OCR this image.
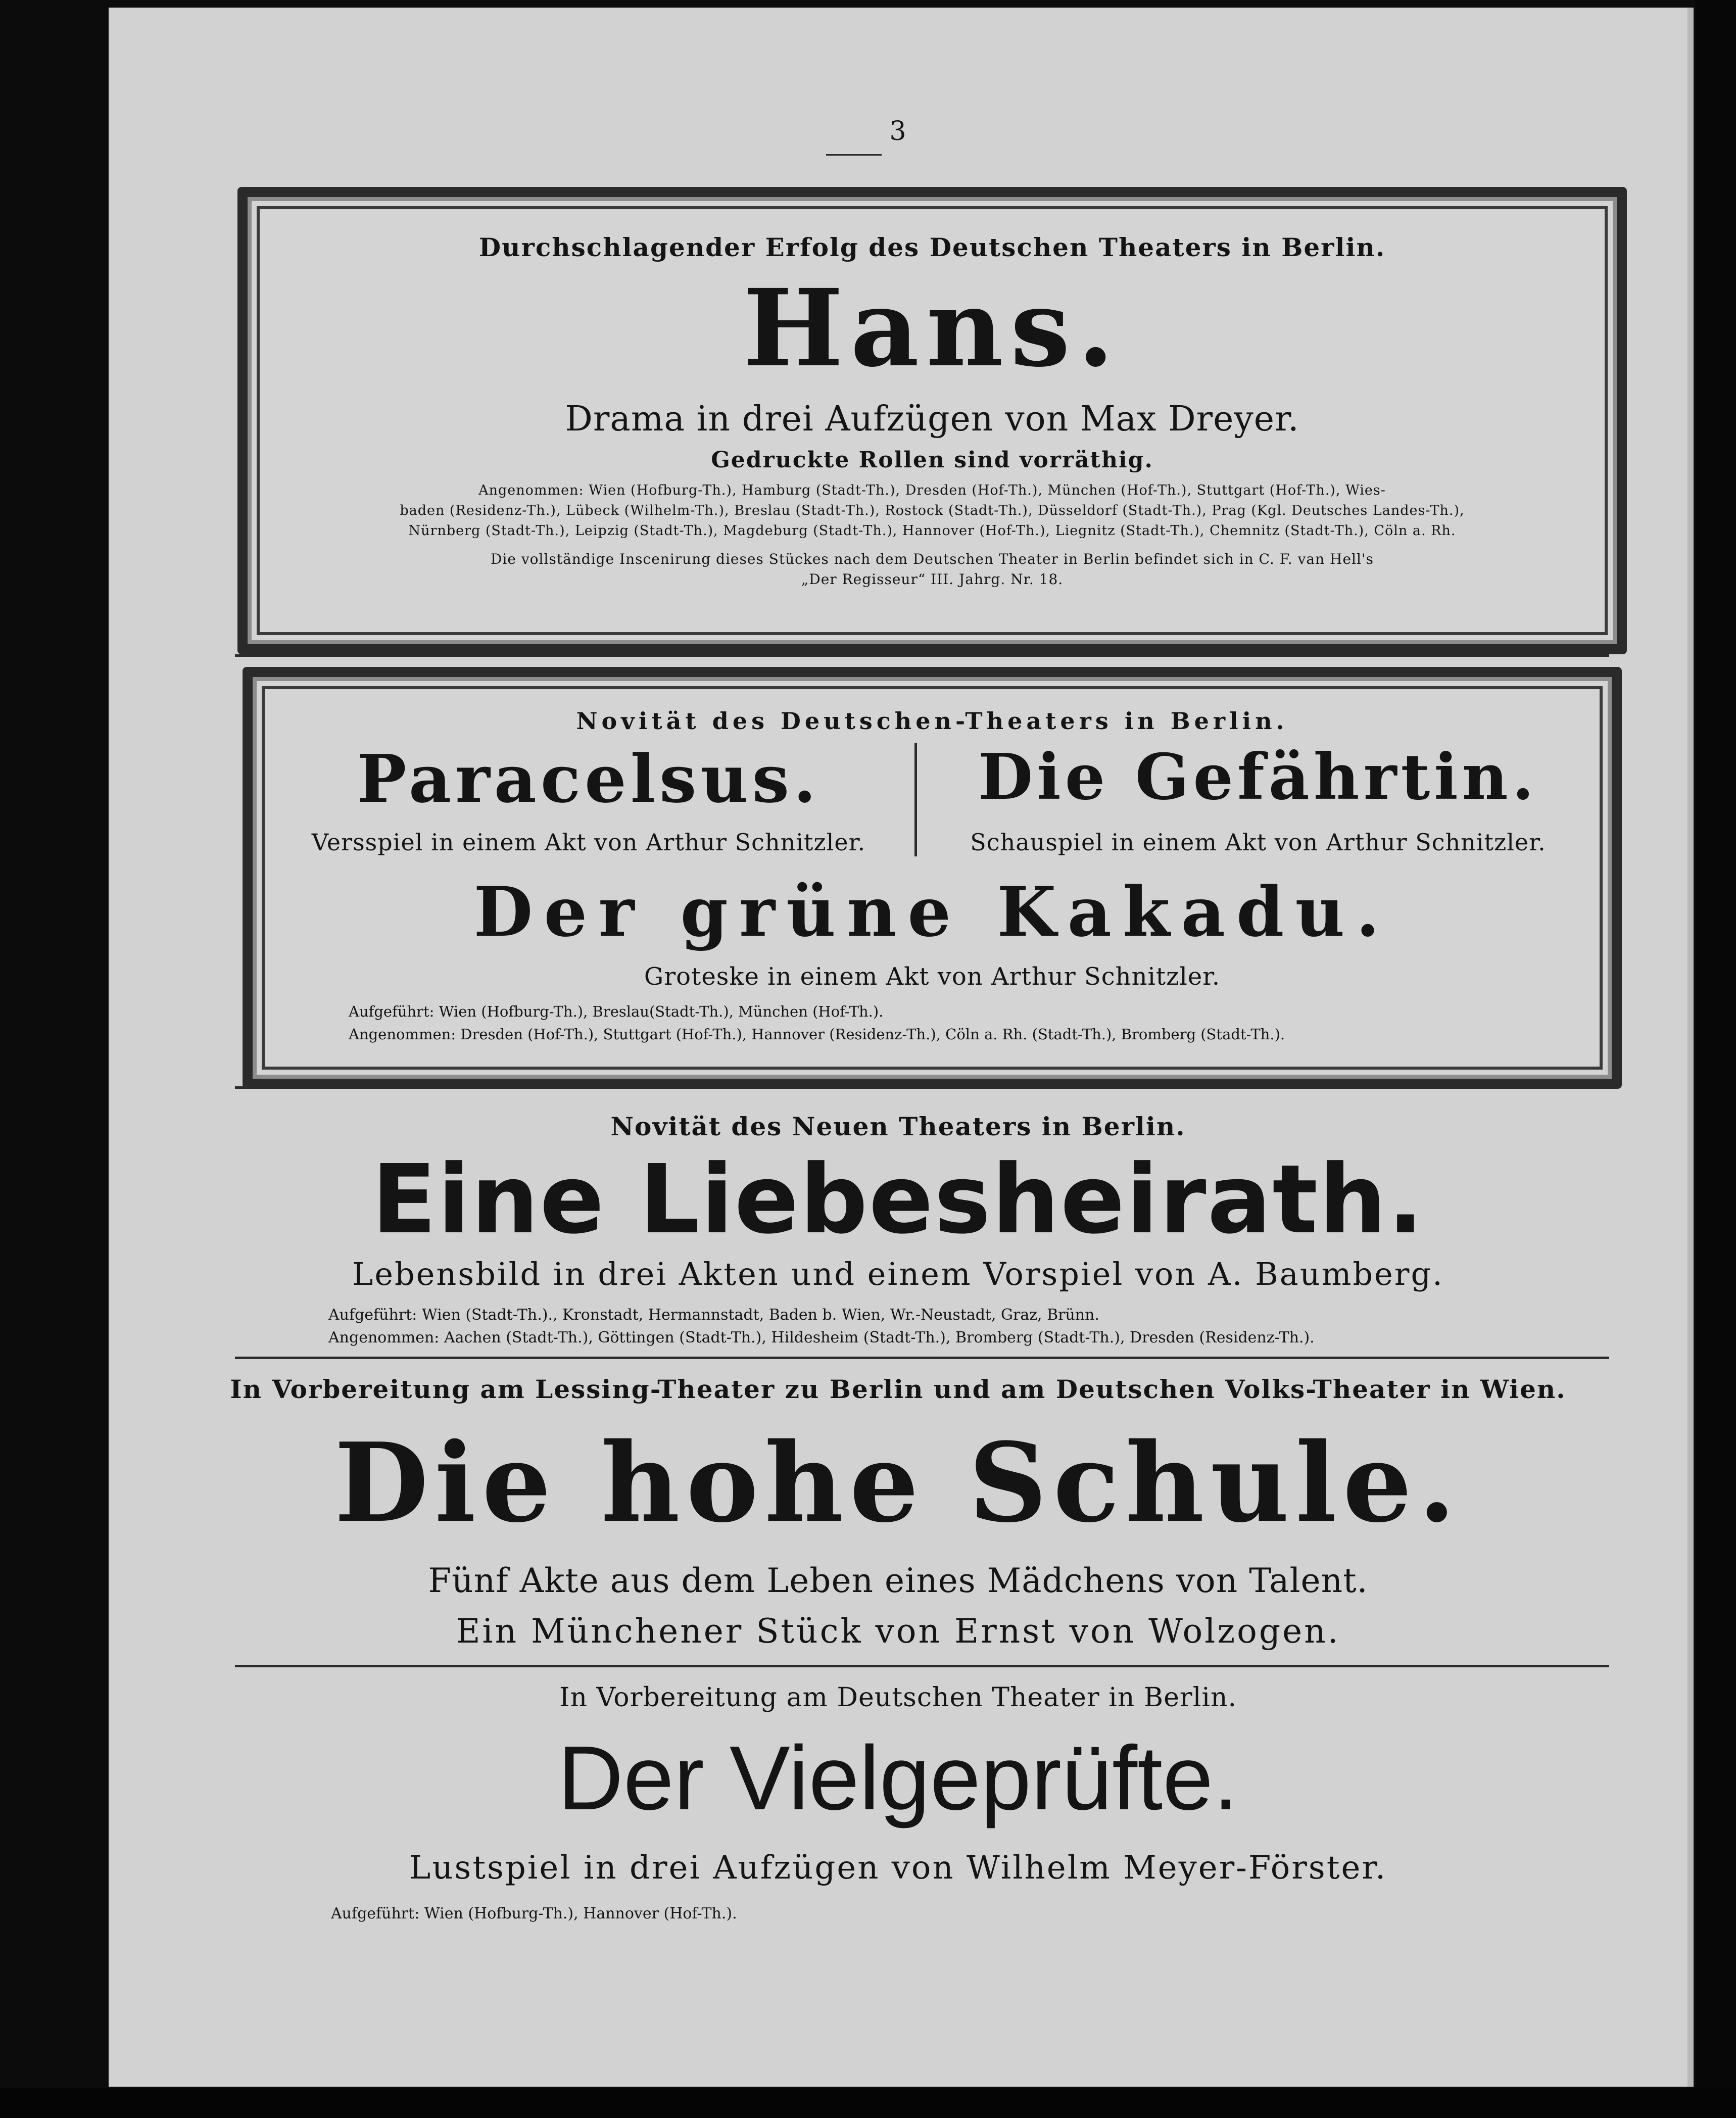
3
Durchschlagender Erfolg des Deutschen Theaters in Berlin.
Hans.
Drama in drei Aufzügen von Max Dreyer.
Gedruckte Rollen sind vorräthig.
Angenommen: Wien (Hofburg-Th.), Hamburg (Stadt-Th.), Dresden (Hof-Th.), München (Hof-Th.), Stuttgart (Hof-Th.), Wies-
baden (Residenz-Th.), Lübeck (Wilhelm-Th.), Breslau (Stadt-Th.), Rostock (Stadt-Th.), Düsseldorf (Stadt-Th.), Prag (Kgl. Deutsches Landes-Th.),
Nürnberg (Stadt-Th.), Leipzig (Stadt-Th.), Magdeburg (Stadt-Th.), Hannover (Hof-Th.), Liegnitz (Stadt-Th.), Chemnitz (Stadt-Th.), Cöln a. Rh.
Die vollständige Inscenirung dieses Stückes nach dem Deutschen Theater in Berlin befindet sich in C. F. van Hell's
„Der Regisseur“ III. Jahrg. Nr. 18.
Novität des Deutschen-Theaters in Berlin.
Paracelsus.
Versspiel in einem Akt von Arthur Schnitzler.
Die Gefährtin.
Schauspiel in einem Akt von Arthur Schnitzler.
Der grüne Kakadu.
Groteske in einem Akt von Arthur Schnitzler.
Aufgeführt: Wien (Hofburg-Th.), Breslau(Stadt-Th.), München (Hof-Th.).
Angenommen: Dresden (Hof-Th.), Stuttgart (Hof-Th.), Hannover (Residenz-Th.), Cöln a. Rh. (Stadt-Th.), Bromberg (Stadt-Th.).
Novität des Neuen Theaters in Berlin.
Eine Liebesheirath.
Lebensbild in drei Akten und einem Vorspiel von A. Baumberg.
Aufgeführt: Wien (Stadt-Th.)., Kronstadt, Hermannstadt, Baden b. Wien, Wr.-Neustadt, Graz, Brünn.
Angenommen: Aachen (Stadt-Th.), Göttingen (Stadt-Th.), Hildesheim (Stadt-Th.), Bromberg (Stadt-Th.), Dresden (Residenz-Th.).
In Vorbereitung am Lessing-Theater zu Berlin und am Deutschen Volks-Theater in Wien.
Die hohe Schule.
Fünf Akte aus dem Leben eines Mädchens von Talent.
Ein Münchener Stück von Ernst von Wolzogen.
In Vorbereitung am Deutschen Theater in Berlin.
Der Vielgeprüfte.
Lustspiel in drei Aufzügen von Wilhelm Meyer-Förster.
Aufgeführt: Wien (Hofburg-Th.), Hannover (Hof-Th.).
